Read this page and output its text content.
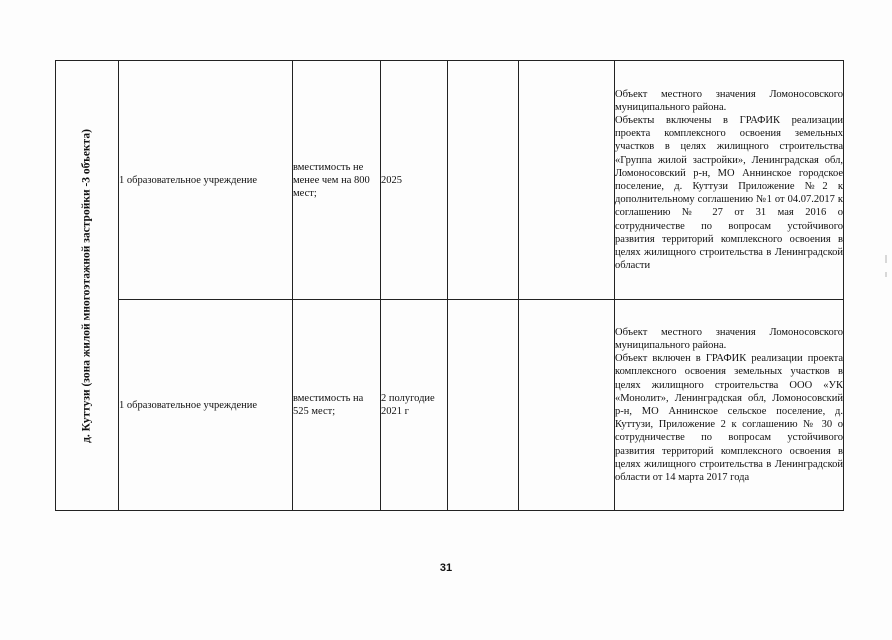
д. Куттузи (зона жилой многоэтажной застройки -3 объекта)	1 образовательное учреждение	вместимость не менее чем на 800 мест;	2025			Объект местного значения Ломоносовского муниципального района.
Объекты включены в ГРАФИК реализации проекта комплексного освоения земельных участков в целях жилищного строительства «Группа жилой застройки», Ленинградская обл, Ломоносовский р-н, МО Аннинское городское поселение, д. Куттузи Приложение №2 к дополнительному соглашению №1 от 04.07.2017 к соглашению № 27 от 31 мая 2016 о сотрудничестве по вопросам устойчивого развития территорий комплексного освоения в целях жилищного строительства в Ленинградской области

	1 образовательное учреждение	вместимость на 525 мест;	2 полугодие 2021 г			Объект местного значения Ломоносовского муниципального района.
Объект включен в ГРАФИК реализации проекта комплексного освоения земельных участков в целях жилищного строительства ООО «УК «Монолит», Ленинградская обл, Ломоносовский р-н, МО Аннинское сельское поселение, д. Куттузи, Приложение 2 к соглашению № 30 о сотрудничестве по вопросам устойчивого развития территорий комплексного освоения в целях жилищного строительства в Ленинградской области от 14 марта 2017 года
31
